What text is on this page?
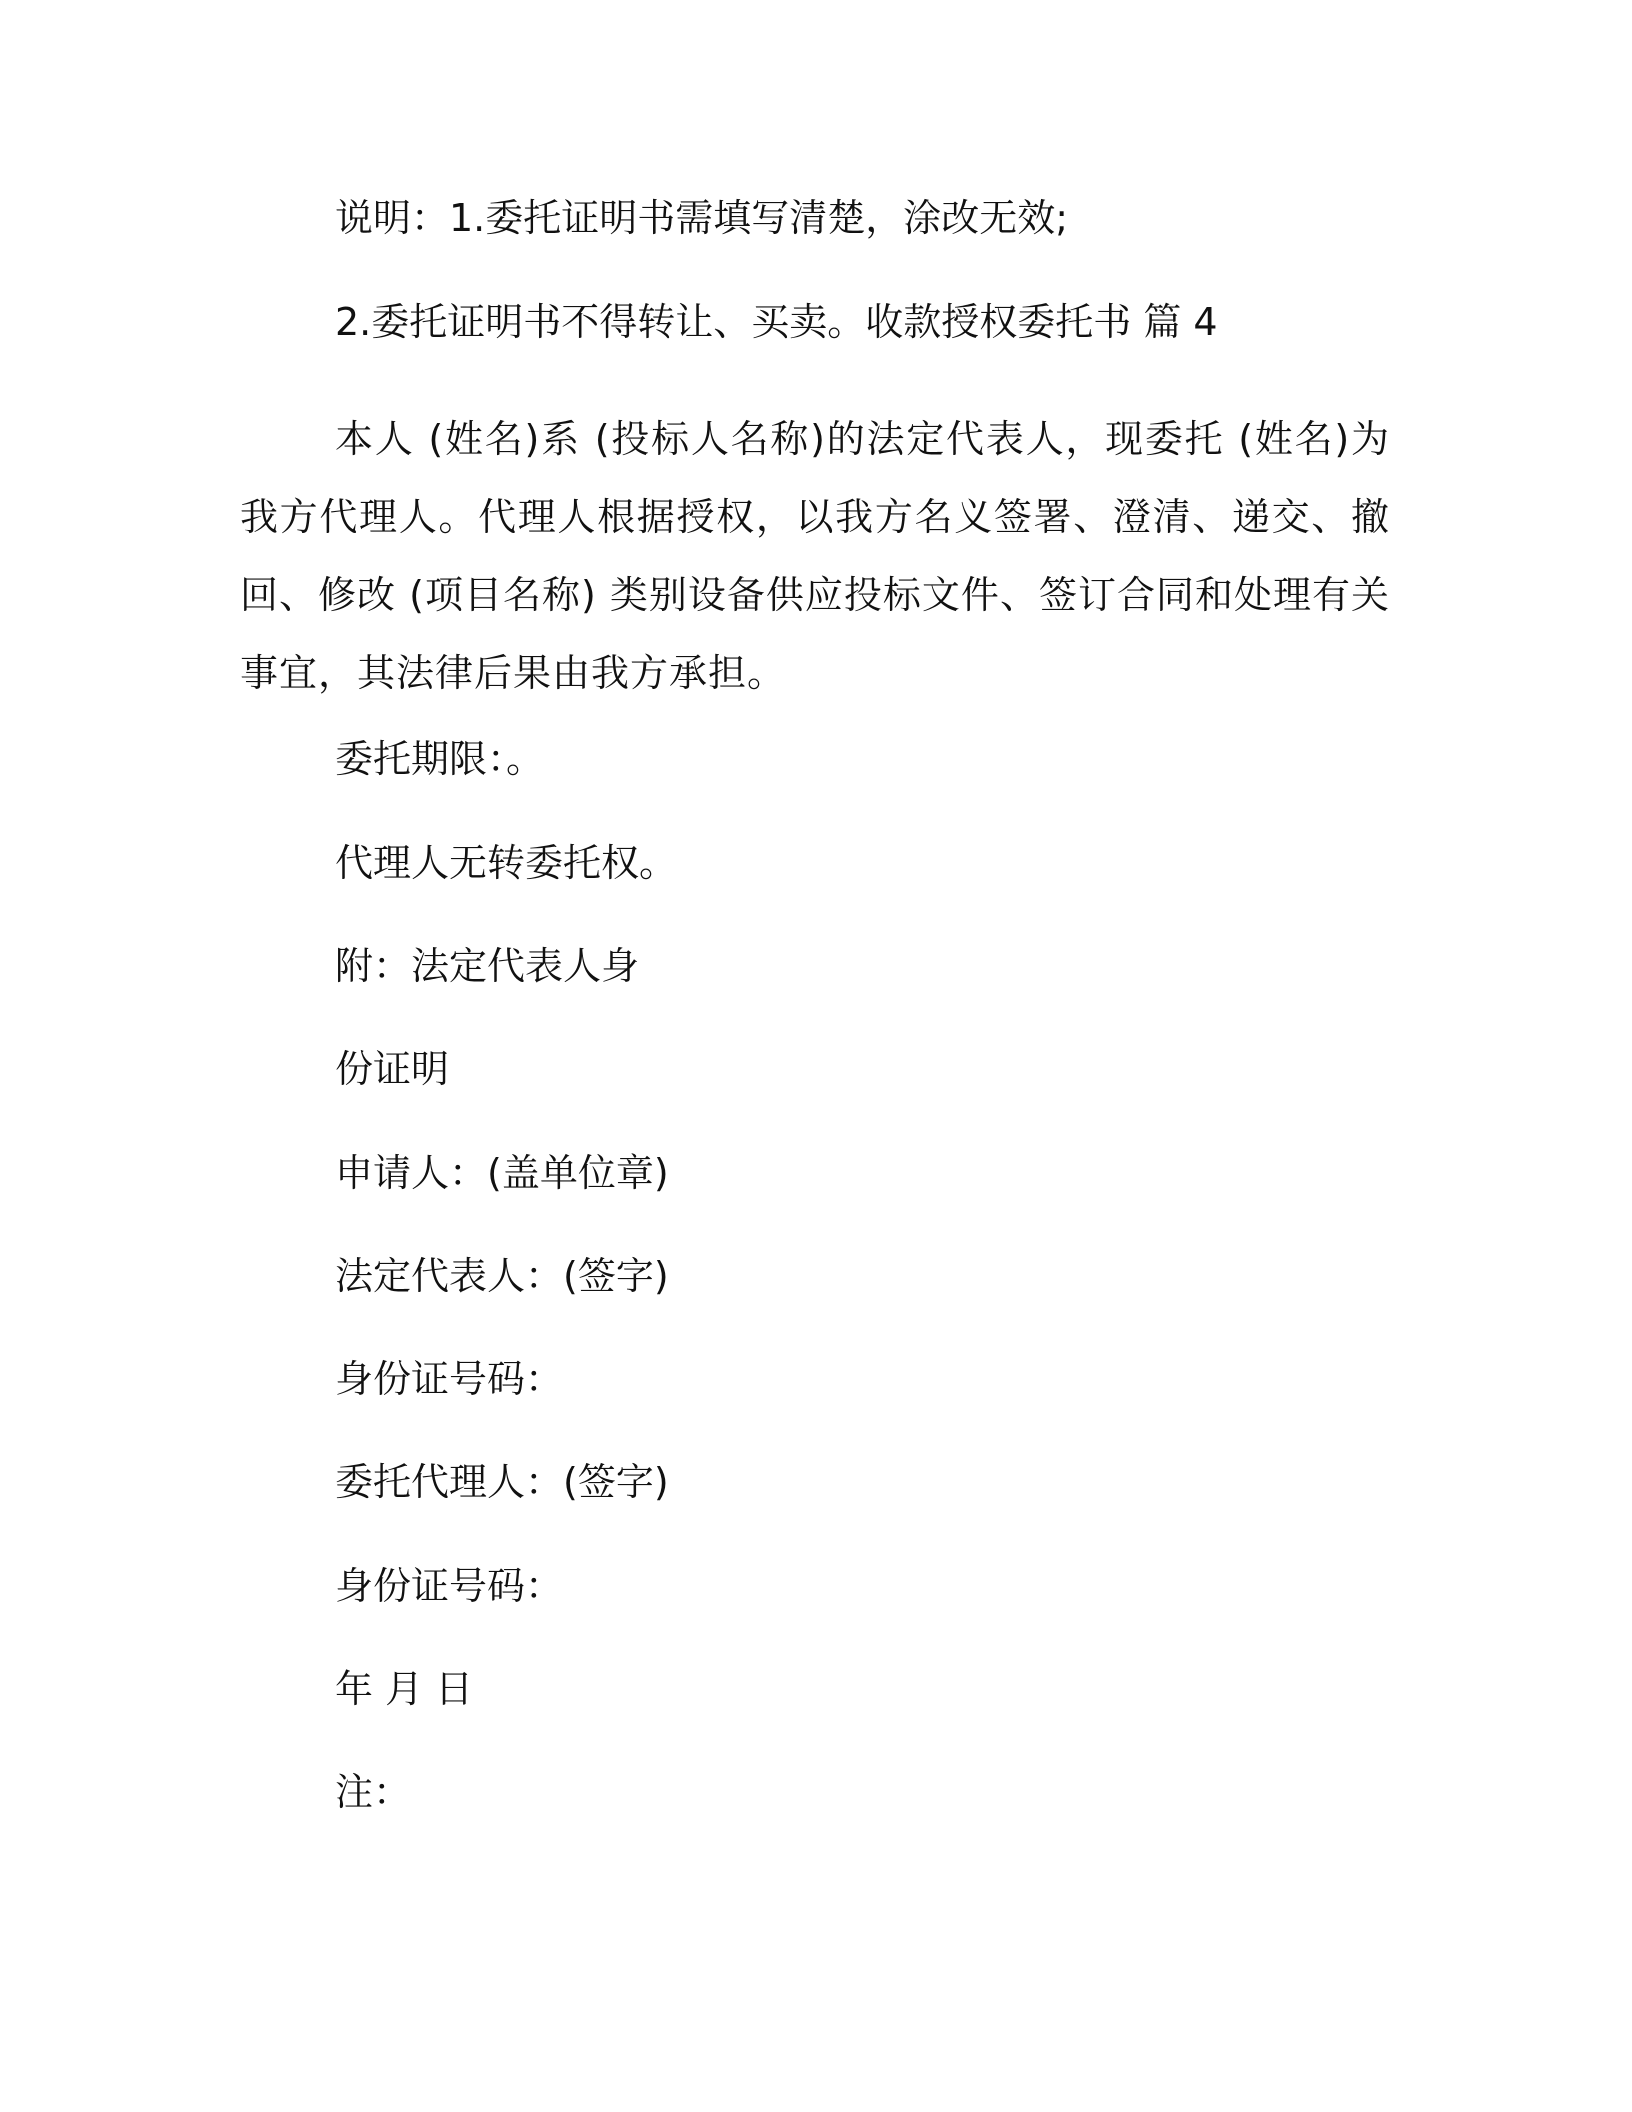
说明：1.委托证明书需填写清楚，涂改无效;
2.委托证明书不得转让、买卖。收款授权委托书 篇 4
本人 (姓名)系 (投标人名称)的法定代表人，现委托 (姓名)为我方代理人。代理人根据授权，以我方名义签署、澄清、递交、撤回、修改 (项目名称) 类别设备供应投标文件、签订合同和处理有关事宜，其法律后果由我方承担。
委托期限：。
代理人无转委托权。
附：法定代表人身
份证明
申请人：(盖单位章)
法定代表人：(签字)
身份证号码：
委托代理人：(签字)
身份证号码：
年 月 日
注：
